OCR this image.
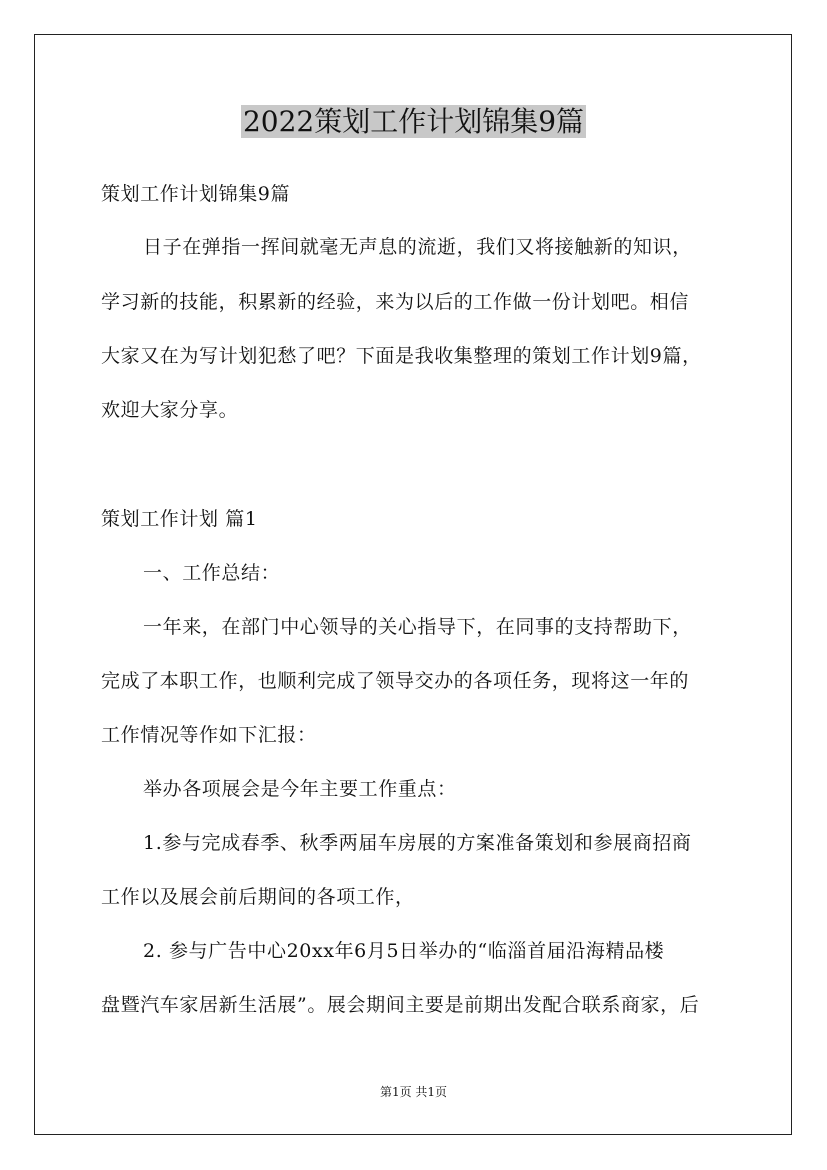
2022策划工作计划锦集9篇
策划工作计划锦集9篇
日子在弹指一挥间就毫无声息的流逝，我们又将接触新的知识，
学习新的技能，积累新的经验，来为以后的工作做一份计划吧。相信
大家又在为写计划犯愁了吧？下面是我收集整理的策划工作计划9篇，
欢迎大家分享。
策划工作计划 篇1
一、工作总结：
一年来，在部门中心领导的关心指导下，在同事的支持帮助下，
完成了本职工作，也顺利完成了领导交办的各项任务，现将这一年的
工作情况等作如下汇报：
举办各项展会是今年主要工作重点：
1.参与完成春季、秋季两届车房展的方案准备策划和参展商招商
工作以及展会前后期间的各项工作，
2. 参与广告中心20xx年6月5日举办的“临淄首届沿海精品楼
盘暨汽车家居新生活展”。展会期间主要是前期出发配合联系商家，后
第1页 共1页
